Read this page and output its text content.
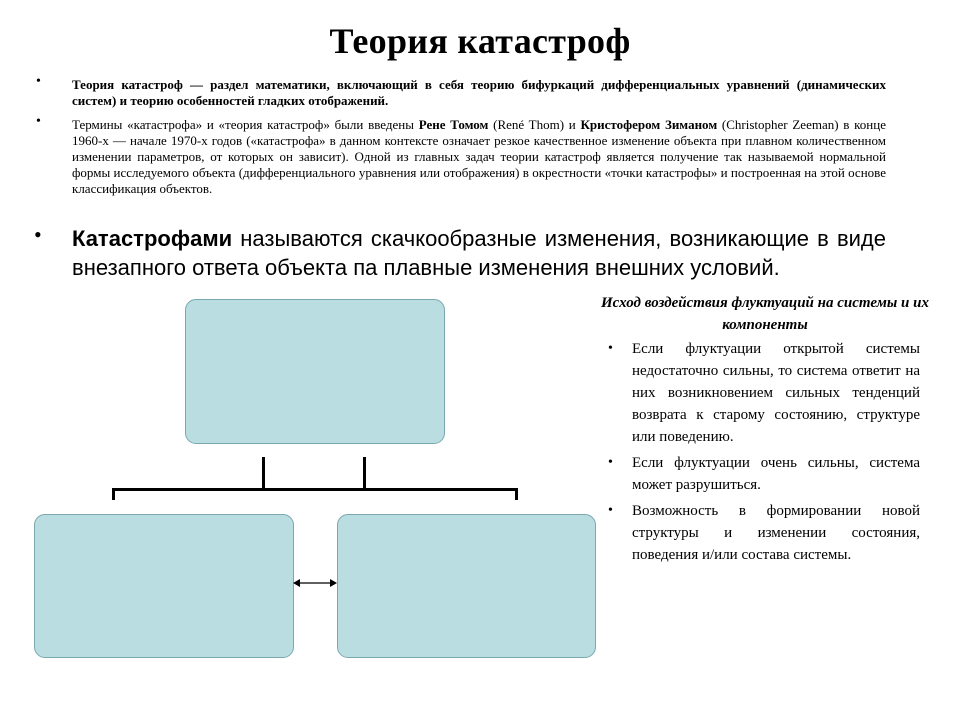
Теория катастроф
• Теория катастроф — раздел математики, включающий в себя теорию бифуркаций дифференциальных уравнений (динамических систем) и теорию особенностей гладких отображений.
• Термины «катастрофа» и «теория катастроф» были введены Рене Томом (René Thom) и Кристофером Зиманом (Christopher Zeeman) в конце 1960-х — начале 1970-х годов («катастрофа» в данном контексте означает резкое качественное изменение объекта при плавном количественном изменении параметров, от которых он зависит). Одной из главных задач теории катастроф является получение так называемой нормальной формы исследуемого объекта (дифференциального уравнения или отображения) в окрестности «точки катастрофы» и построенная на этой основе классификация объектов.
• Катастрофами называются скачкообразные изменения, возникающие в виде внезапного ответа объекта па плавные изменения внешних условий.
Исход воздействия флуктуаций на системы и их компоненты
• Если флуктуации открытой системы недостаточно сильны, то система ответит на них возникновением сильных тенденций возврата к старому состоянию, структуре или поведению.
• Если флуктуации очень сильны, система может разрушиться.
• Возможность в формировании новой структуры и изменении состояния, поведения и/или состава системы.
